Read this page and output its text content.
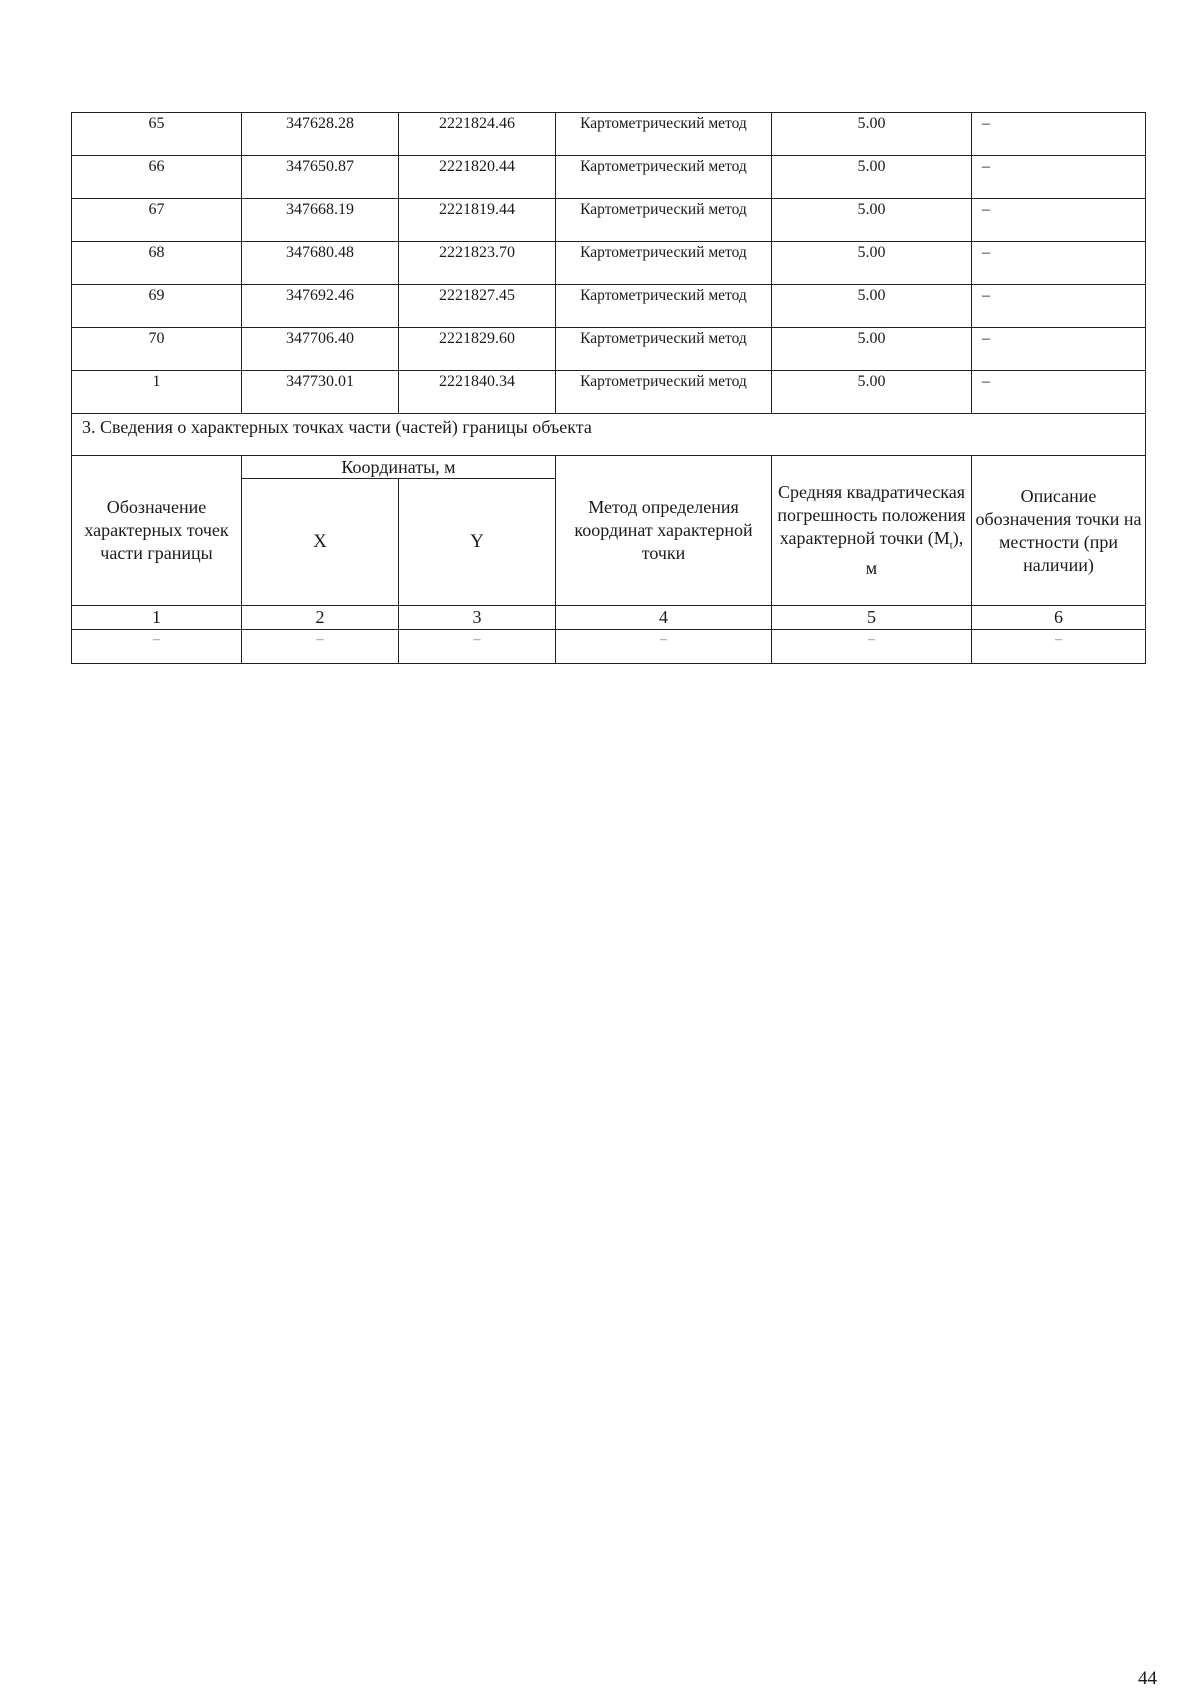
65	347628.28	2221824.46	Картометрический метод	5.00	–
66	347650.87	2221820.44	Картометрический метод	5.00	–
67	347668.19	2221819.44	Картометрический метод	5.00	–
68	347680.48	2221823.70	Картометрический метод	5.00	–
69	347692.46	2221827.45	Картометрический метод	5.00	–
70	347706.40	2221829.60	Картометрический метод	5.00	–
1	347730.01	2221840.34	Картометрический метод	5.00	–
3. Сведения о характерных точках части (частей) границы объекта					
Обозначение характерных точек части границы	Координаты, м		Метод определения координат характерной точки	Средняя квадратическая погрешность положения характерной точки $(M_t)$, м	Описание обозначения точки на местности (при наличии)
	X	Y			
1	2	3	4	5	6
–	–	–	–	–	–
44
